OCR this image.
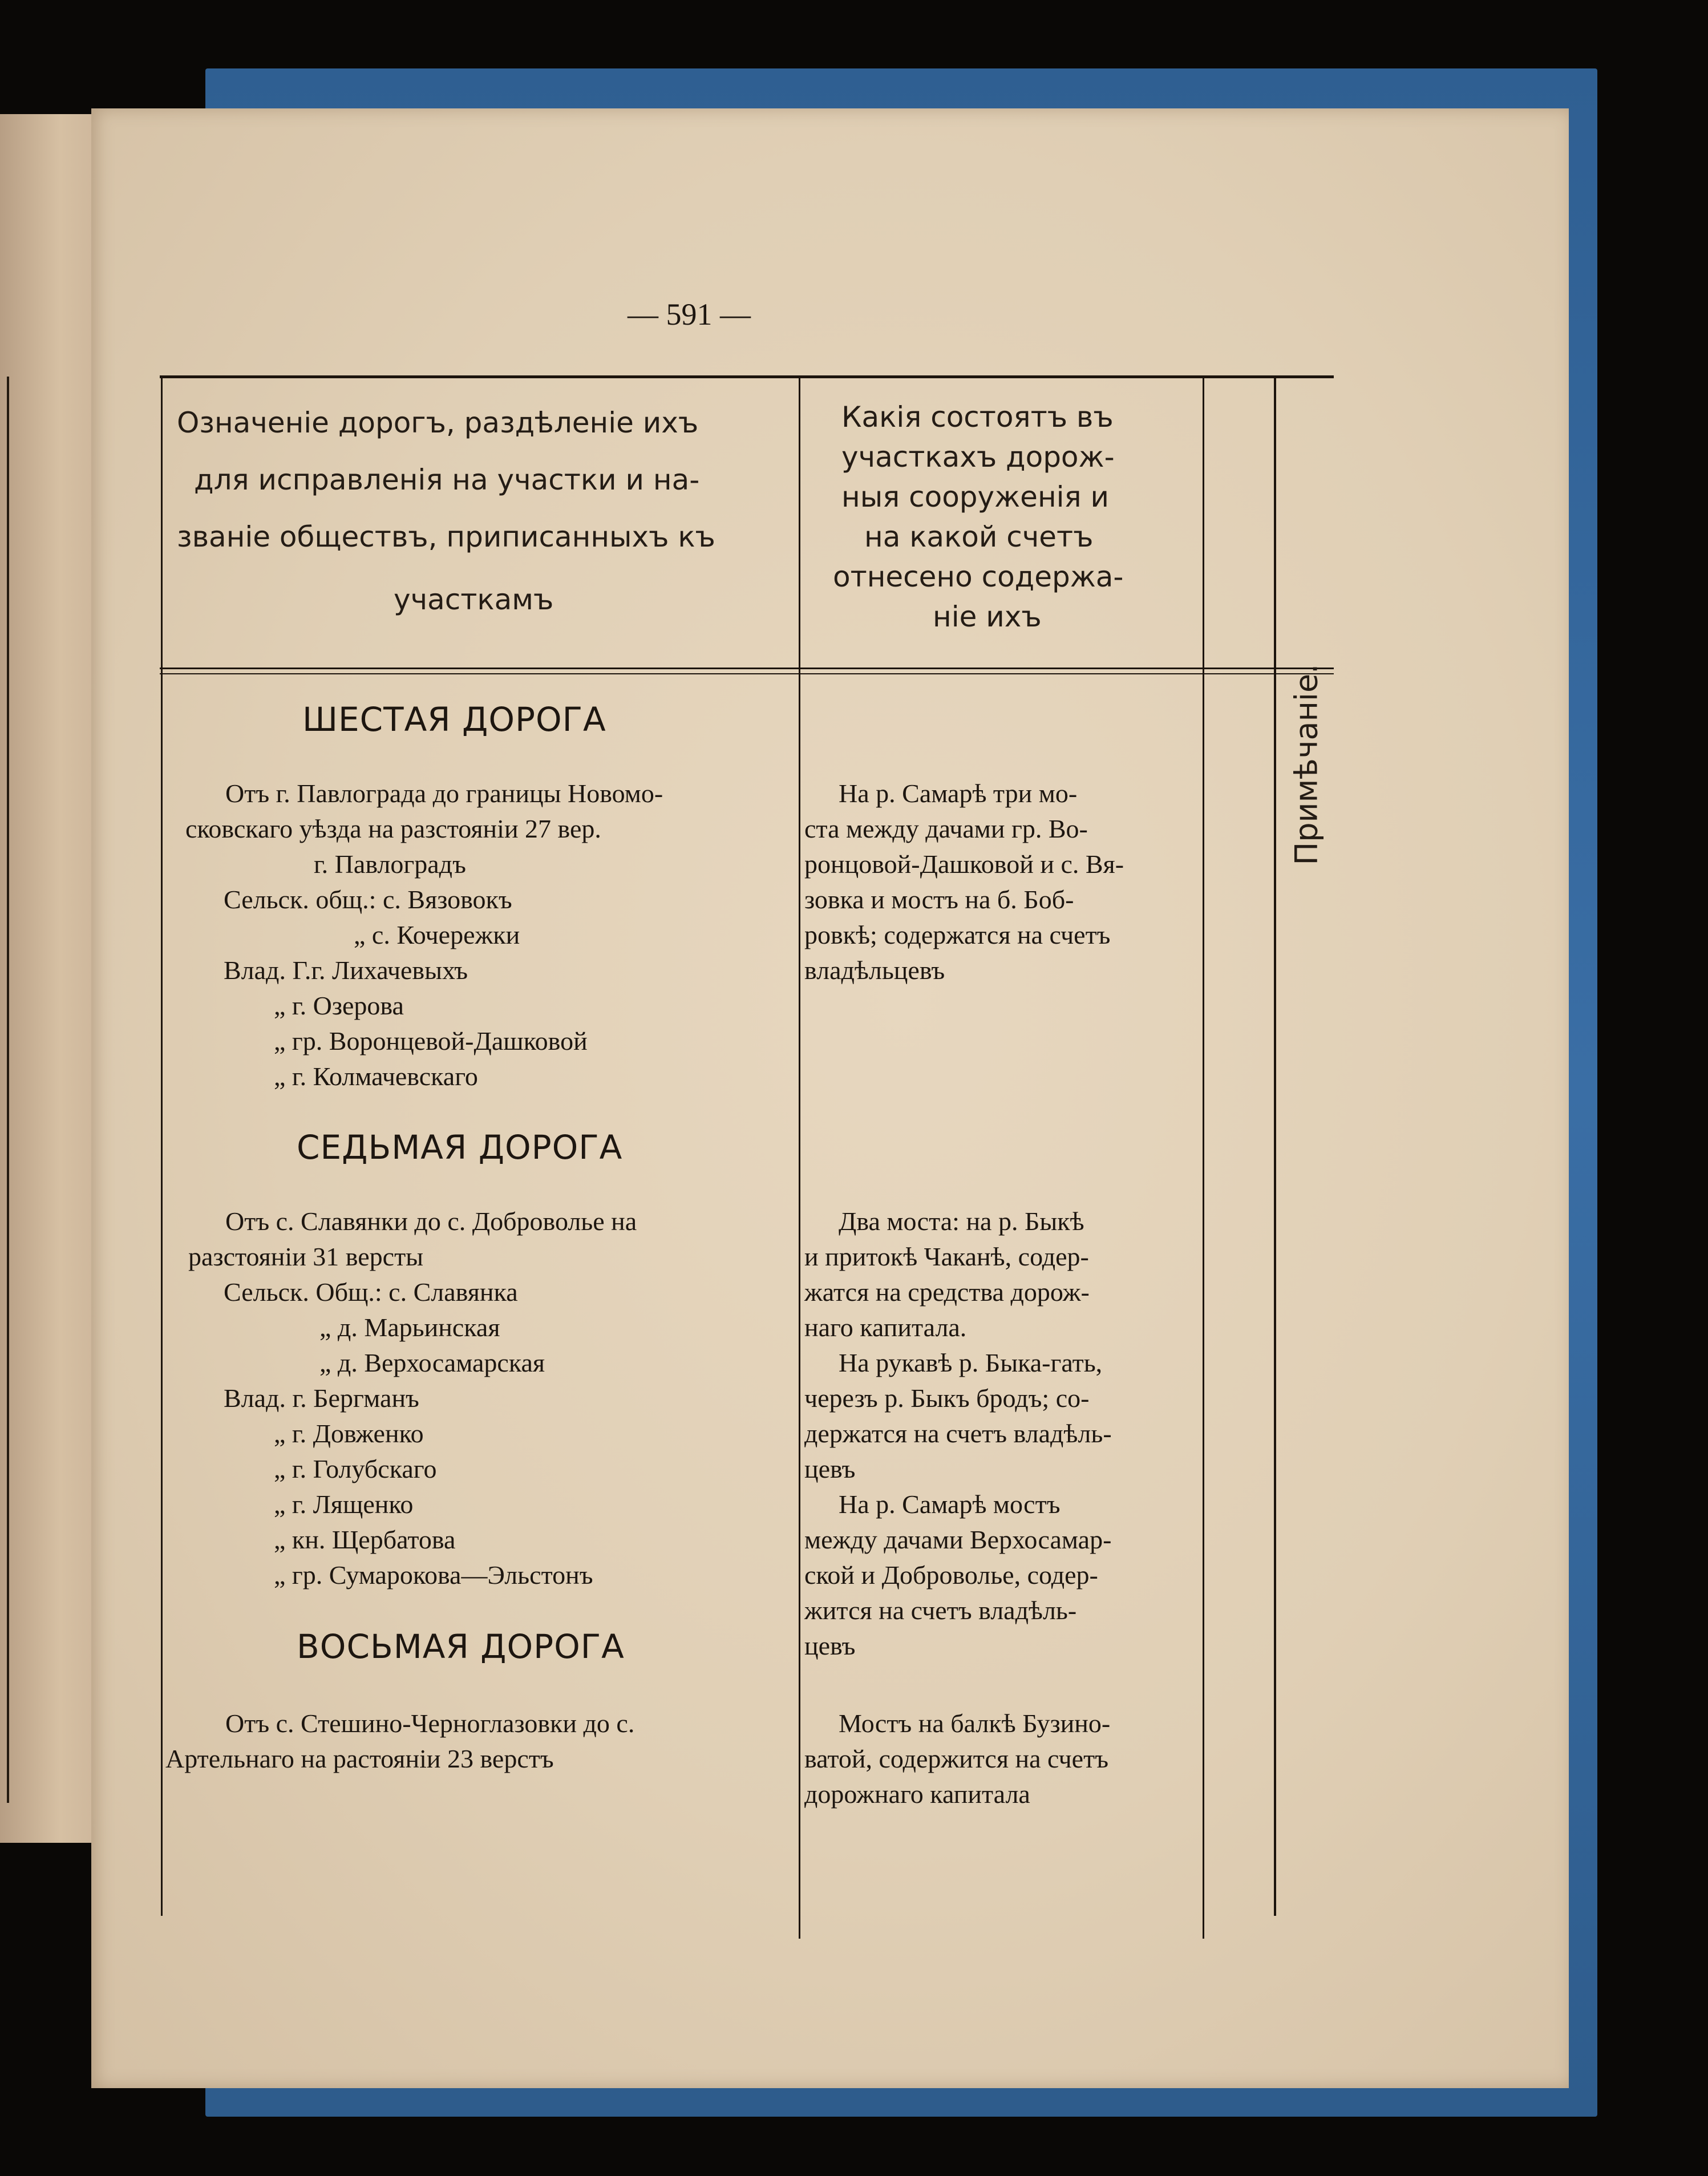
— 591 —

Означеніе дорогъ, раздѣленіе ихъ

для исправленія на участки и на-

званіе обществъ, приписанныхъ къ

участкамъ

Какія состоятъ въ

участкахъ дорож-

ныя сооруженія и

на какой счетъ

отнесено содержа-

ніе ихъ

Примѣчаніе.

ШЕСТАЯ ДОРОГА

Отъ г. Павлограда до границы Новомо-

сковскаго уѣзда на разстояніи 27 вер.

г. Павлоградъ

Сельск. общ.: с. Вязовокъ

„ с. Кочережки

Влад. Г.г. Лихачевыхъ

„ г. Озерова

„ гр. Воронцевой-Дашковой

„ г. Колмачевскаго

На р. Самарѣ три мо-

ста между дачами гр. Во-

ронцовой-Дашковой и с. Вя-

зовка и мостъ на б. Боб-

ровкѣ; содержатся на счетъ

владѣльцевъ

СЕДЬМАЯ ДОРОГА

Отъ с. Славянки до с. Доброволье на

разстояніи 31 версты

Сельск. Общ.: с. Славянка

„ д. Марьинская

„ д. Верхосамарская

Влад. г. Бергманъ

„ г. Довженко

„ г. Голубскаго

„ г. Лященко

„ кн. Щербатова

„ гр. Сумарокова—Эльстонъ

Два моста: на р. Быкѣ

и притокѣ Чаканѣ, содер-

жатся на средства дорож-

наго капитала.

На рукавѣ р. Быка-гать,

черезъ р. Быкъ бродъ; со-

держатся на счетъ владѣль-

цевъ

На р. Самарѣ мостъ

между дачами Верхосамар-

ской и Доброволье, содер-

жится на счетъ владѣль-

цевъ

ВОСЬМАЯ ДОРОГА

Отъ с. Стешино-Черноглазовки до с.

Артельнаго на растояніи 23 верстъ

Мостъ на балкѣ Бузино-

ватой, содержится на счетъ

дорожнаго капитала
